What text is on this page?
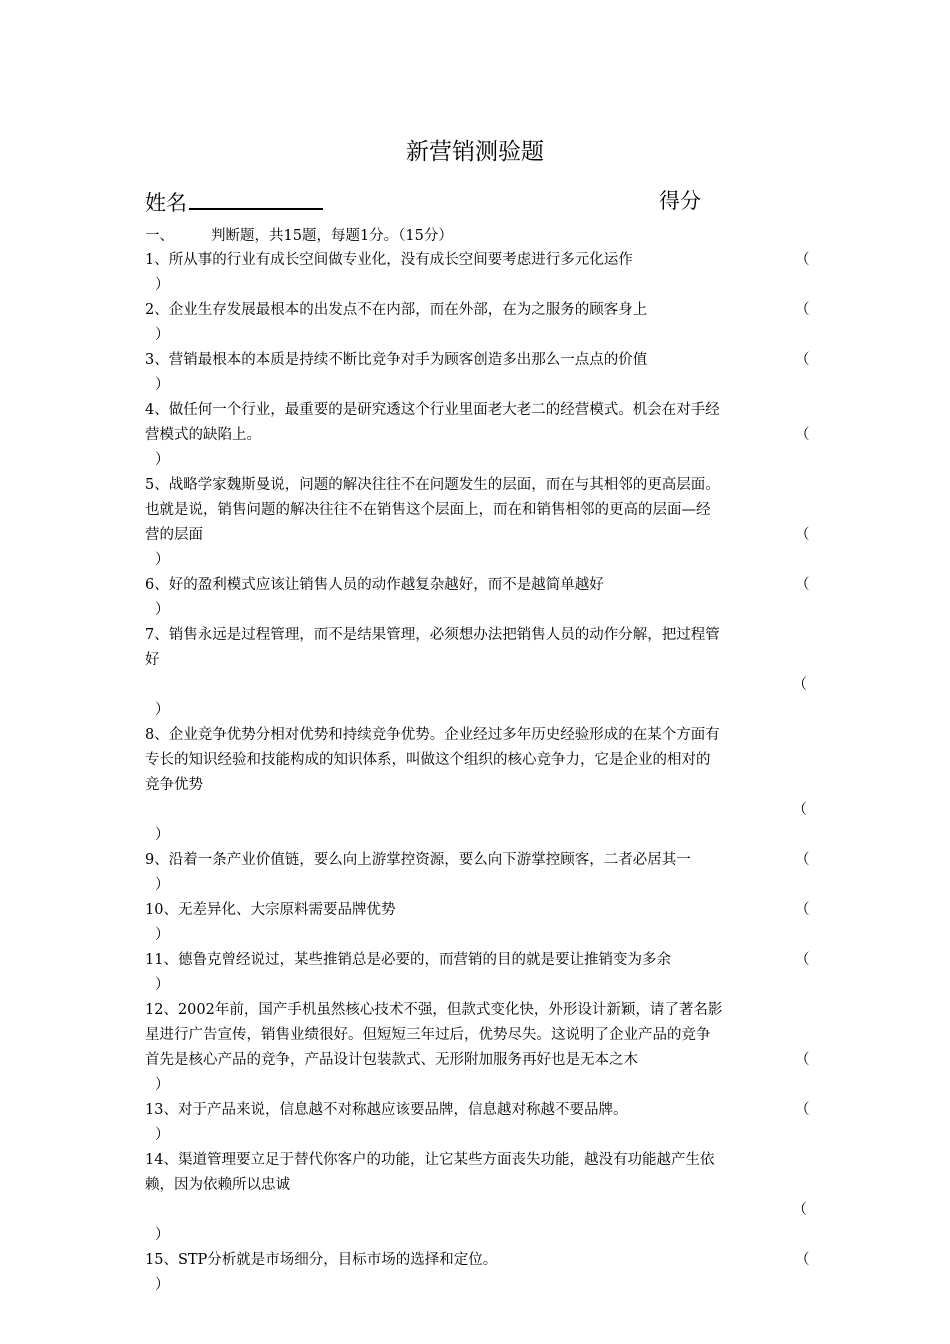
新营销测验题
姓名	得分
一、	判断题，共15题，每题1分。（15分）
1、所从事的行业有成长空间做专业化，没有成长空间要考虑进行多元化运作	（
）
2、企业生存发展最根本的出发点不在内部，而在外部，在为之服务的顾客身上	（
）
3、营销最根本的本质是持续不断比竞争对手为顾客创造多出那么一点点的价值	（
）
4、做任何一个行业，最重要的是研究透这个行业里面老大老二的经营模式。机会在对手经
营模式的缺陷上。	（
）
5、战略学家魏斯曼说，问题的解决往往不在问题发生的层面，而在与其相邻的更高层面。
也就是说，销售问题的解决往往不在销售这个层面上，而在和销售相邻的更高的层面—经
营的层面	（
）
6、好的盈利模式应该让销售人员的动作越复杂越好，而不是越简单越好	（
）
7、销售永远是过程管理，而不是结果管理，必须想办法把销售人员的动作分解，把过程管
好
（
）
8、企业竞争优势分相对优势和持续竞争优势。企业经过多年历史经验形成的在某个方面有
专长的知识经验和技能构成的知识体系，叫做这个组织的核心竞争力，它是企业的相对的
竞争优势
（
）
9、沿着一条产业价值链，要么向上游掌控资源，要么向下游掌控顾客，二者必居其一	（
）
10、无差异化、大宗原料需要品牌优势	（
）
11、德鲁克曾经说过，某些推销总是必要的，而营销的目的就是要让推销变为多余	（
）
12、2002年前，国产手机虽然核心技术不强，但款式变化快，外形设计新颖，请了著名影
星进行广告宣传，销售业绩很好。但短短三年过后，优势尽失。这说明了企业产品的竞争
首先是核心产品的竞争，产品设计包装款式、无形附加服务再好也是无本之木	（
）
13、对于产品来说，信息越不对称越应该要品牌，信息越对称越不要品牌。	（
）
14、渠道管理要立足于替代你客户的功能，让它某些方面丧失功能，越没有功能越产生依
赖，因为依赖所以忠诚
（
）
15、STP分析就是市场细分，目标市场的选择和定位。	（
）
